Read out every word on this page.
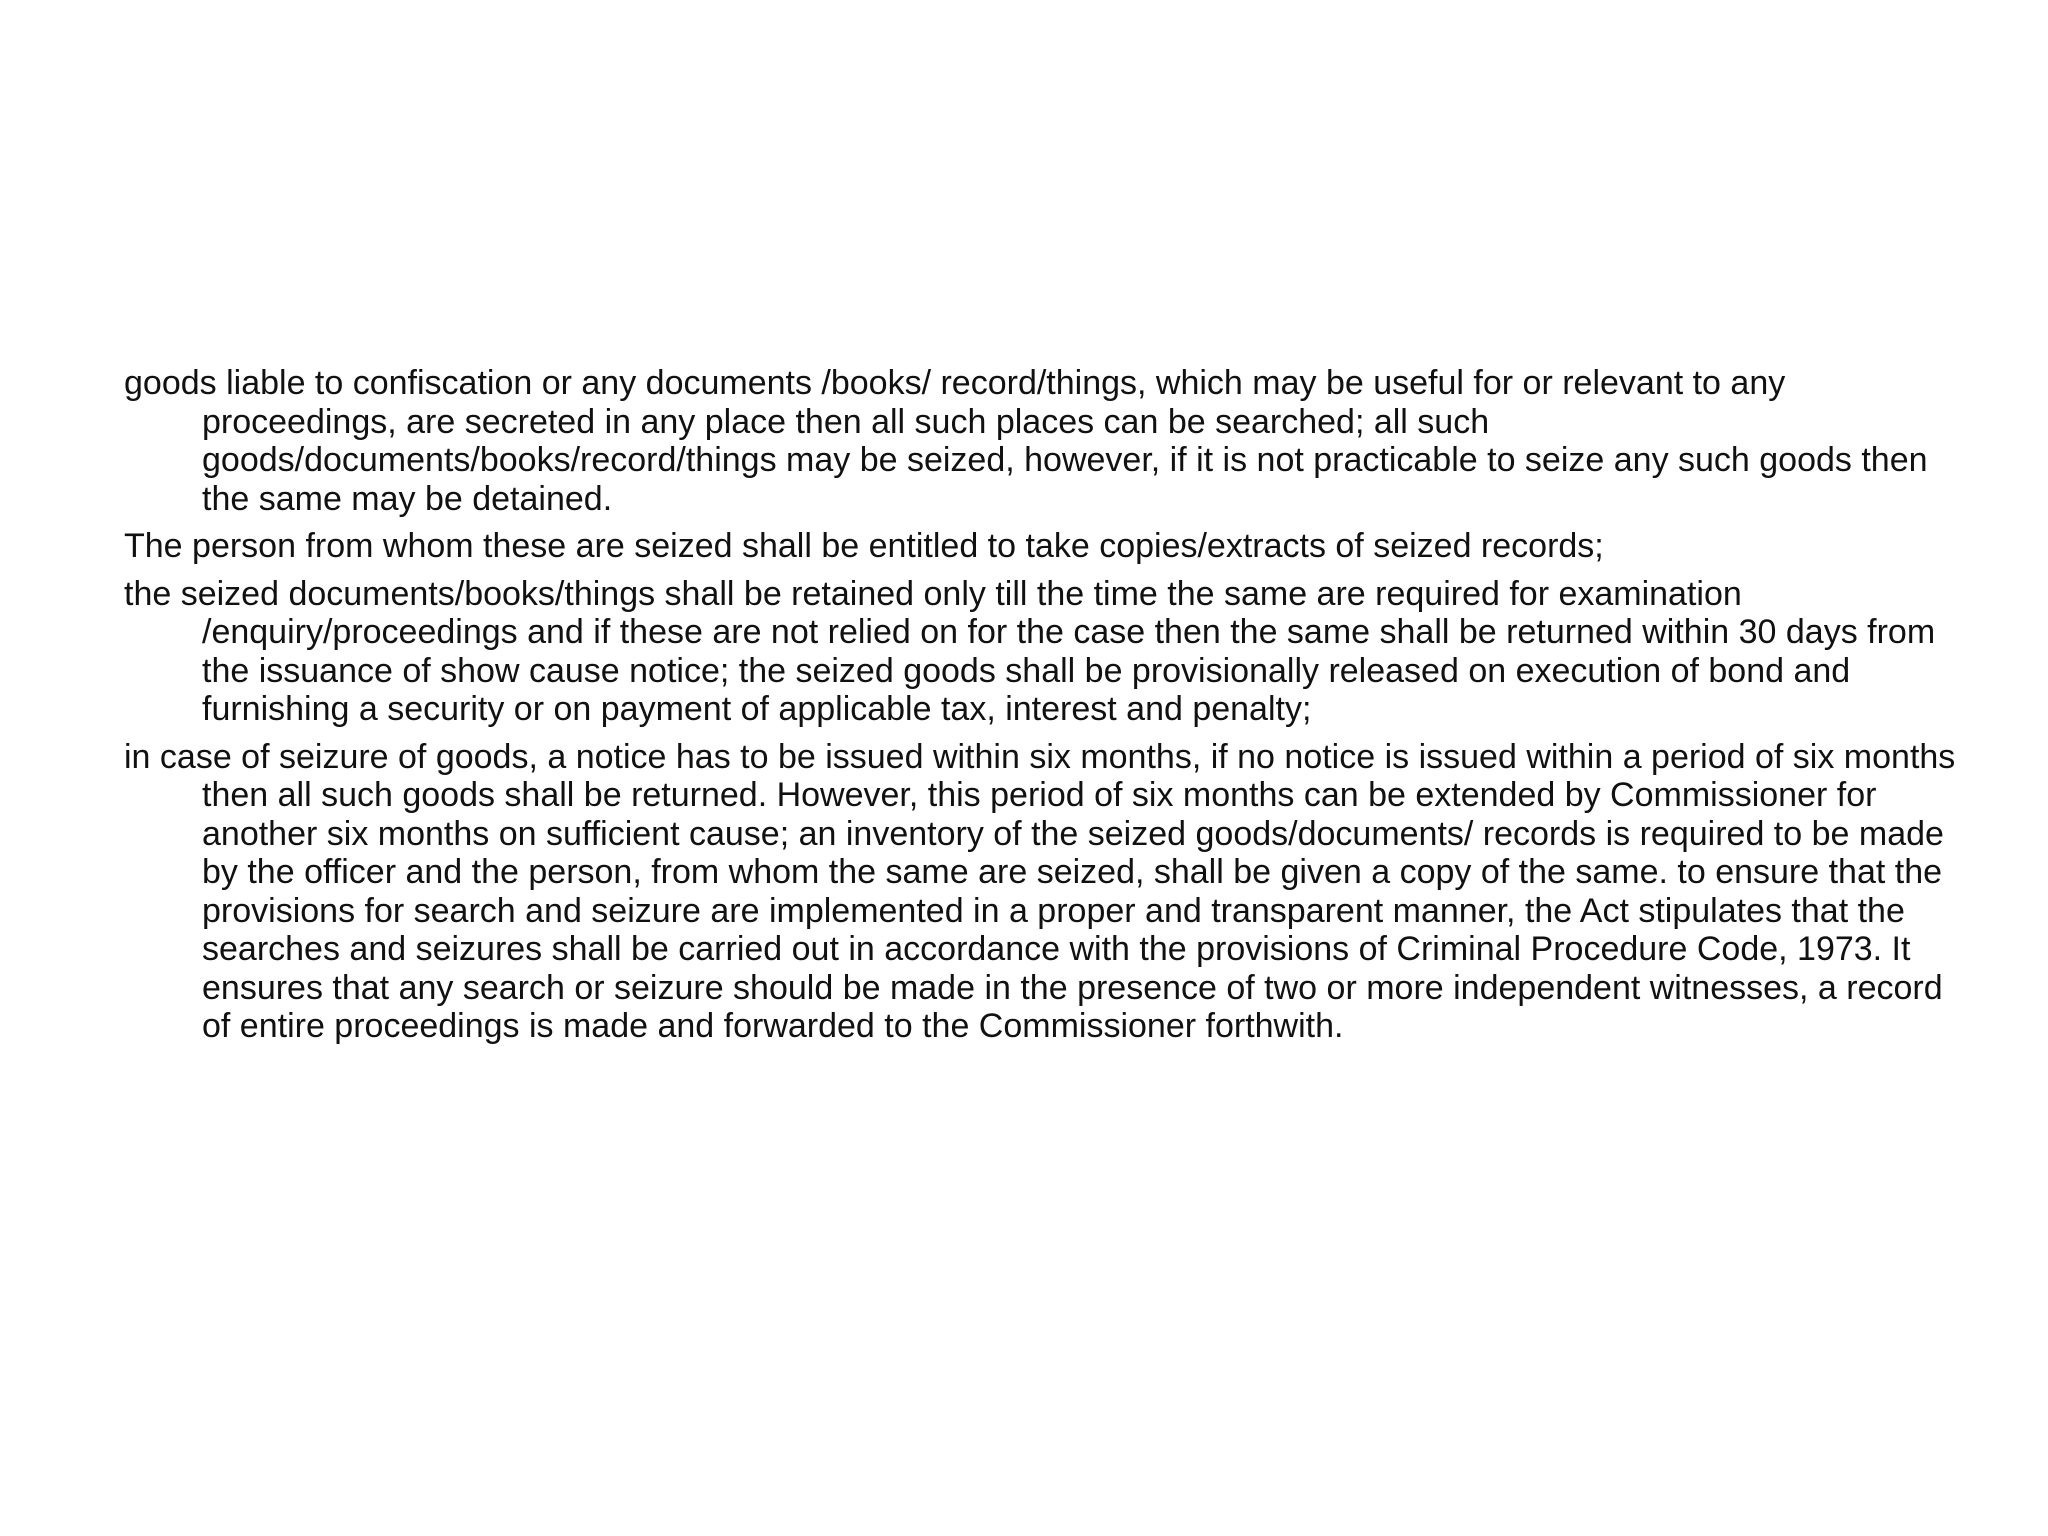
goods liable to confiscation or any documents /books/ record/things, which may be useful for or relevant to any proceedings, are secreted in any place then all such places can be searched; all such goods/documents/books/record/things may be seized, however, if it is not practicable to seize any such goods then the same may be detained.

The person from whom these are seized shall be entitled to take copies/extracts of seized records;

the seized documents/books/things shall be retained only till the time the same are required for examination /enquiry/proceedings and if these are not relied on for the case then the same shall be returned within 30 days from the issuance of show cause notice; the seized goods shall be provisionally released on execution of bond and furnishing a security or on payment of applicable tax, interest and penalty;

in case of seizure of goods, a notice has to be issued within six months, if no notice is issued within a period of six months then all such goods shall be returned. However, this period of six months can be extended by Commissioner for another six months on sufficient cause; an inventory of the seized goods/documents/ records is required to be made by the officer and the person, from whom the same are seized, shall be given a copy of the same. to ensure that the provisions for search and seizure are implemented in a proper and transparent manner, the Act stipulates that the searches and seizures shall be carried out in accordance with the provisions of Criminal Procedure Code, 1973. It ensures that any search or seizure should be made in the presence of two or more independent witnesses, a record of entire proceedings is made and forwarded to the Commissioner forthwith.
